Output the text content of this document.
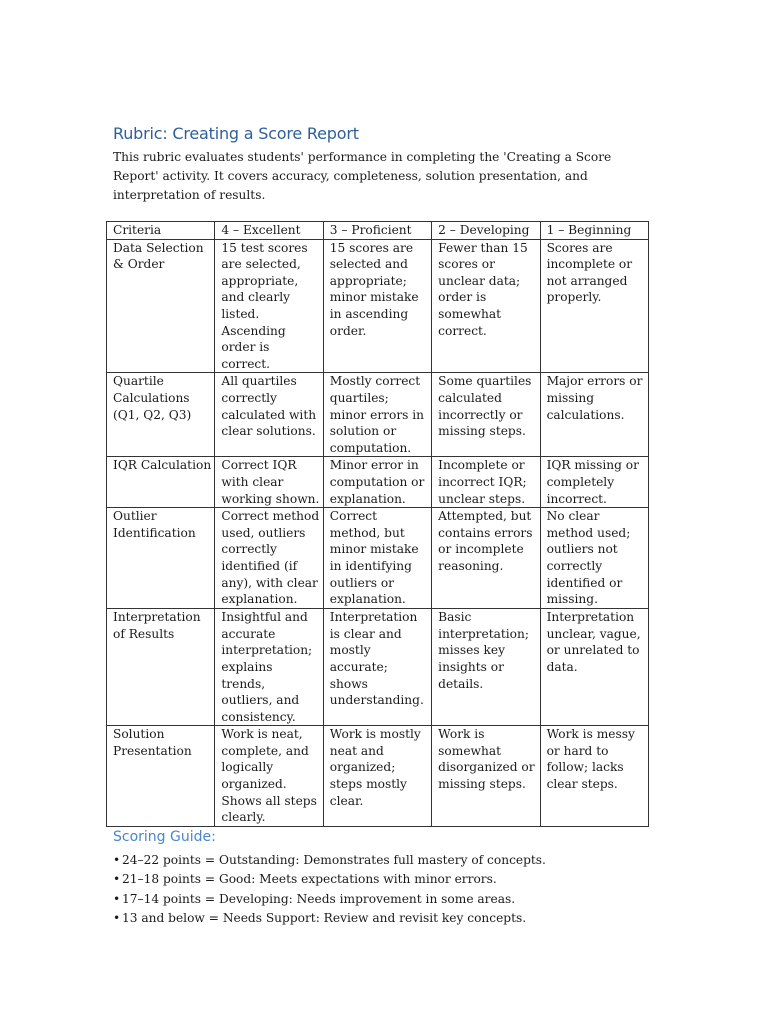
Rubric: Creating a Score Report

This rubric evaluates students' performance in completing the 'Creating a Score Report' activity. It covers accuracy, completeness, solution presentation, and interpretation of results.

Criteria	4 – Excellent	3 – Proficient	2 – Developing	1 – Beginning
Data Selection & Order	15 test scores are selected, appropriate, and clearly listed. Ascending order is correct.	15 scores are selected and appropriate; minor mistake in ascending order.	Fewer than 15 scores or unclear data; order is somewhat correct.	Scores are incomplete or not arranged properly.
Quartile Calculations (Q1, Q2, Q3)	All quartiles correctly calculated with clear solutions.	Mostly correct quartiles; minor errors in solution or computation.	Some quartiles calculated incorrectly or missing steps.	Major errors or missing calculations.
IQR Calculation	Correct IQR with clear working shown.	Minor error in computation or explanation.	Incomplete or incorrect IQR; unclear steps.	IQR missing or completely incorrect.
Outlier Identification	Correct method used, outliers correctly identified (if any), with clear explanation.	Correct method, but minor mistake in identifying outliers or explanation.	Attempted, but contains errors or incomplete reasoning.	No clear method used; outliers not correctly identified or missing.
Interpretation of Results	Insightful and accurate interpretation; explains trends, outliers, and consistency.	Interpretation is clear and mostly accurate; shows understanding.	Basic interpretation; misses key insights or details.	Interpretation unclear, vague, or unrelated to data.
Solution Presentation	Work is neat, complete, and logically organized. Shows all steps clearly.	Work is mostly neat and organized; steps mostly clear.	Work is somewhat disorganized or missing steps.	Work is messy or hard to follow; lacks clear steps.
Scoring Guide:
• 24–22 points = Outstanding: Demonstrates full mastery of concepts.
• 21–18 points = Good: Meets expectations with minor errors.
• 17–14 points = Developing: Needs improvement in some areas.
• 13 and below = Needs Support: Review and revisit key concepts.
